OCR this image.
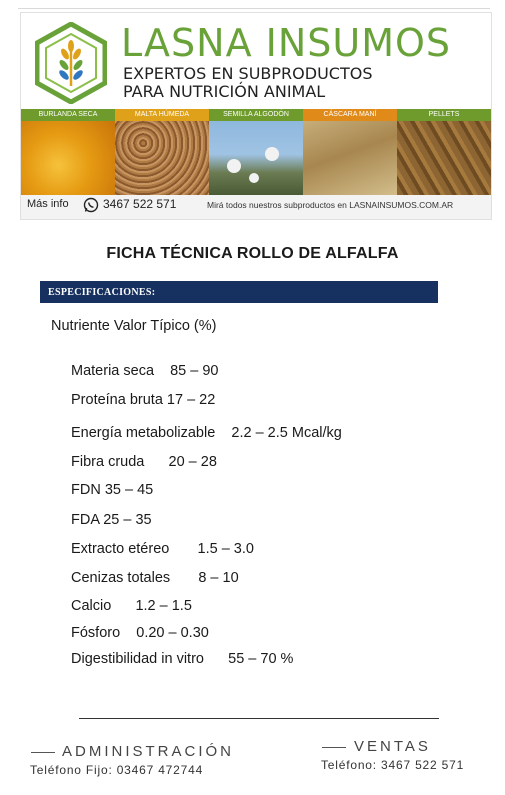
LASNA INSUMOS
EXPERTOS EN SUBPRODUCTOS
PARA NUTRICIÓN ANIMAL
BURLANDA SECA	MALTA HÚMEDA	SEMILLA ALGODÓN	CÁSCARA MANÍ	PELLETS
Más info	3467 522 571	Mirá todos nuestros subproductos en LASNAINSUMOS.COM.AR
FICHA TÉCNICA ROLLO DE ALFALFA
ESPECIFICACIONES:
Nutriente Valor Típico (%)
Materia seca    85 – 90
Proteína bruta 17 – 22
Energía metabolizable    2.2 – 2.5 Mcal/kg
Fibra cruda      20 – 28
FDN 35 – 45
FDA 25 – 35
Extracto etéreo       1.5 – 3.0
Cenizas totales       8 – 10
Calcio      1.2 – 1.5
Fósforo    0.20 – 0.30
Digestibilidad in vitro      55 – 70 %
ADMINISTRACIÓN
Teléfono Fijo: 03467 472744
VENTAS
Teléfono: 3467 522 571
